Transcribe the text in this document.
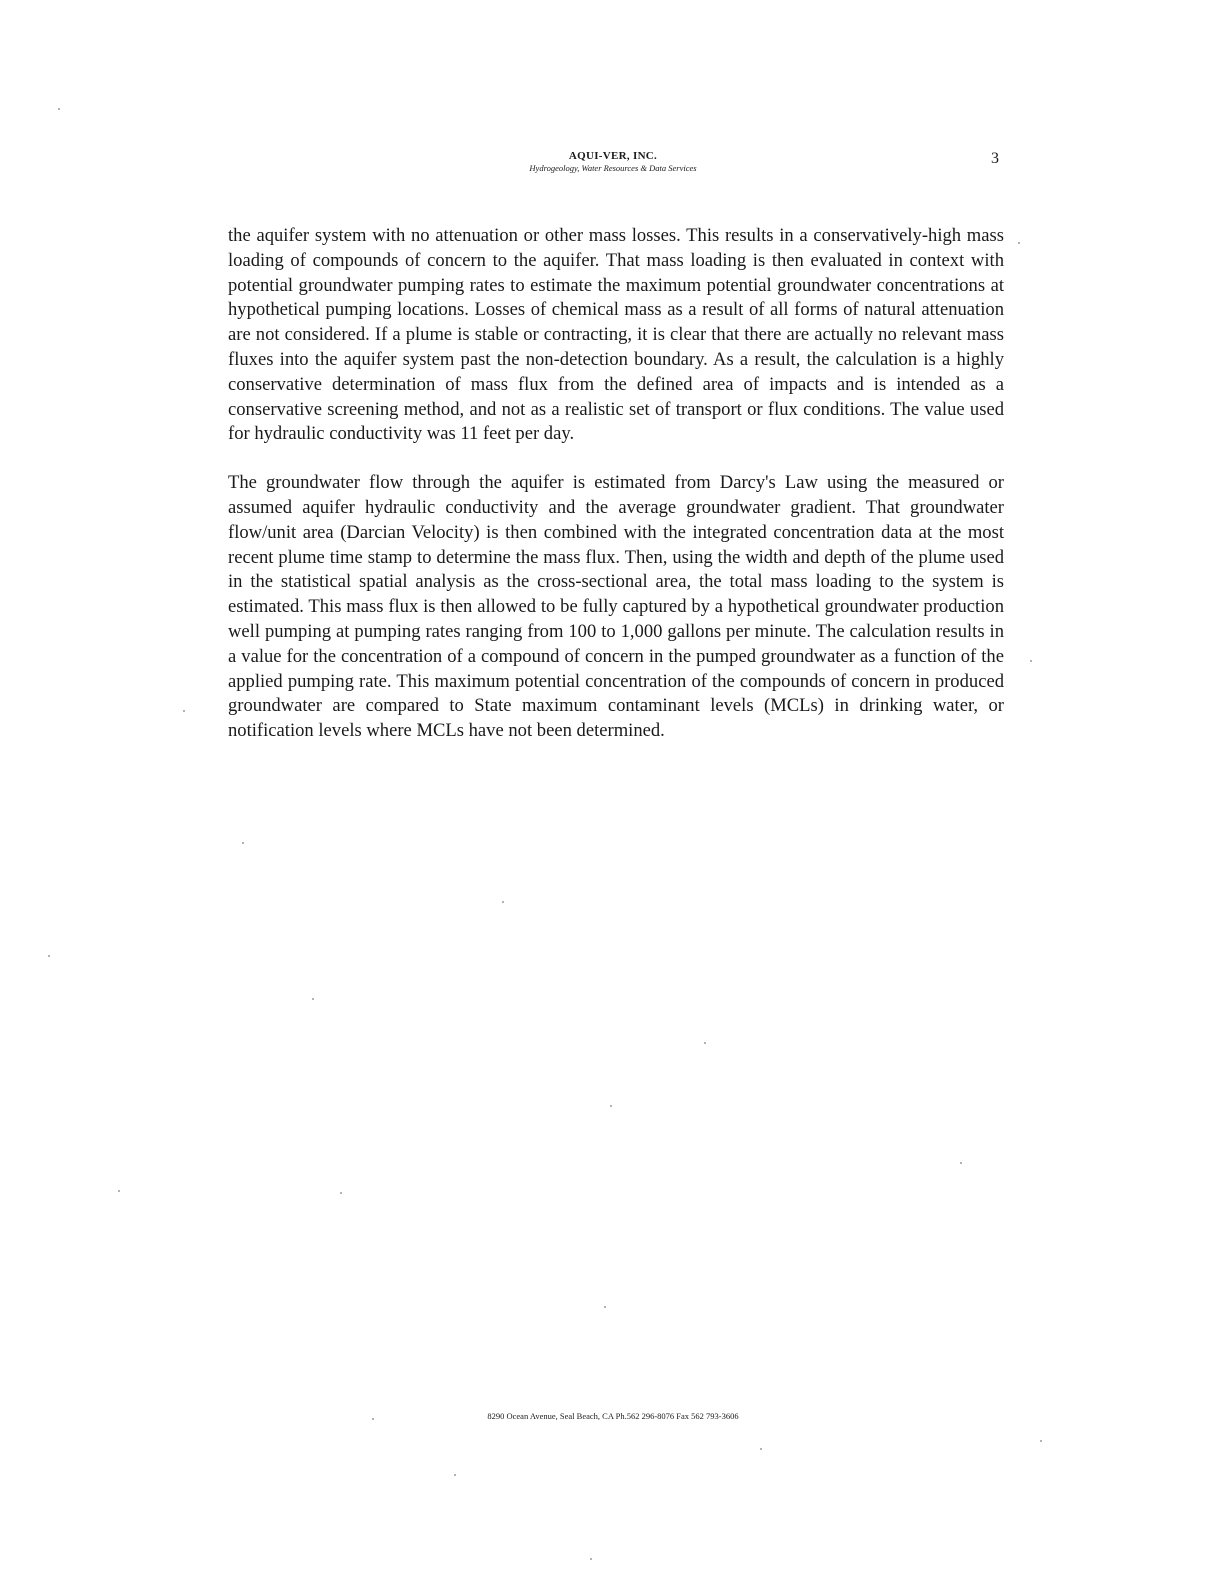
AQUI-VER, INC.
Hydrogeology, Water Resources & Data Services
3

the aquifer system with no attenuation or other mass losses. This results in a conservatively-high mass loading of compounds of concern to the aquifer. That mass loading is then evaluated in context with potential groundwater pumping rates to estimate the maximum potential groundwater concentrations at hypothetical pumping locations. Losses of chemical mass as a result of all forms of natural attenuation are not considered. If a plume is stable or contracting, it is clear that there are actually no relevant mass fluxes into the aquifer system past the non-detection boundary. As a result, the calculation is a highly conservative determination of mass flux from the defined area of impacts and is intended as a conservative screening method, and not as a realistic set of transport or flux conditions. The value used for hydraulic conductivity was 11 feet per day.

The groundwater flow through the aquifer is estimated from Darcy's Law using the measured or assumed aquifer hydraulic conductivity and the average groundwater gradient. That groundwater flow/unit area (Darcian Velocity) is then combined with the integrated concentration data at the most recent plume time stamp to determine the mass flux. Then, using the width and depth of the plume used in the statistical spatial analysis as the cross-sectional area, the total mass loading to the system is estimated. This mass flux is then allowed to be fully captured by a hypothetical groundwater production well pumping at pumping rates ranging from 100 to 1,000 gallons per minute. The calculation results in a value for the concentration of a compound of concern in the pumped groundwater as a function of the applied pumping rate. This maximum potential concentration of the compounds of concern in produced groundwater are compared to State maximum contaminant levels (MCLs) in drinking water, or notification levels where MCLs have not been determined.

8290 Ocean Avenue, Seal Beach, CA Ph.562 296-8076 Fax 562 793-3606
